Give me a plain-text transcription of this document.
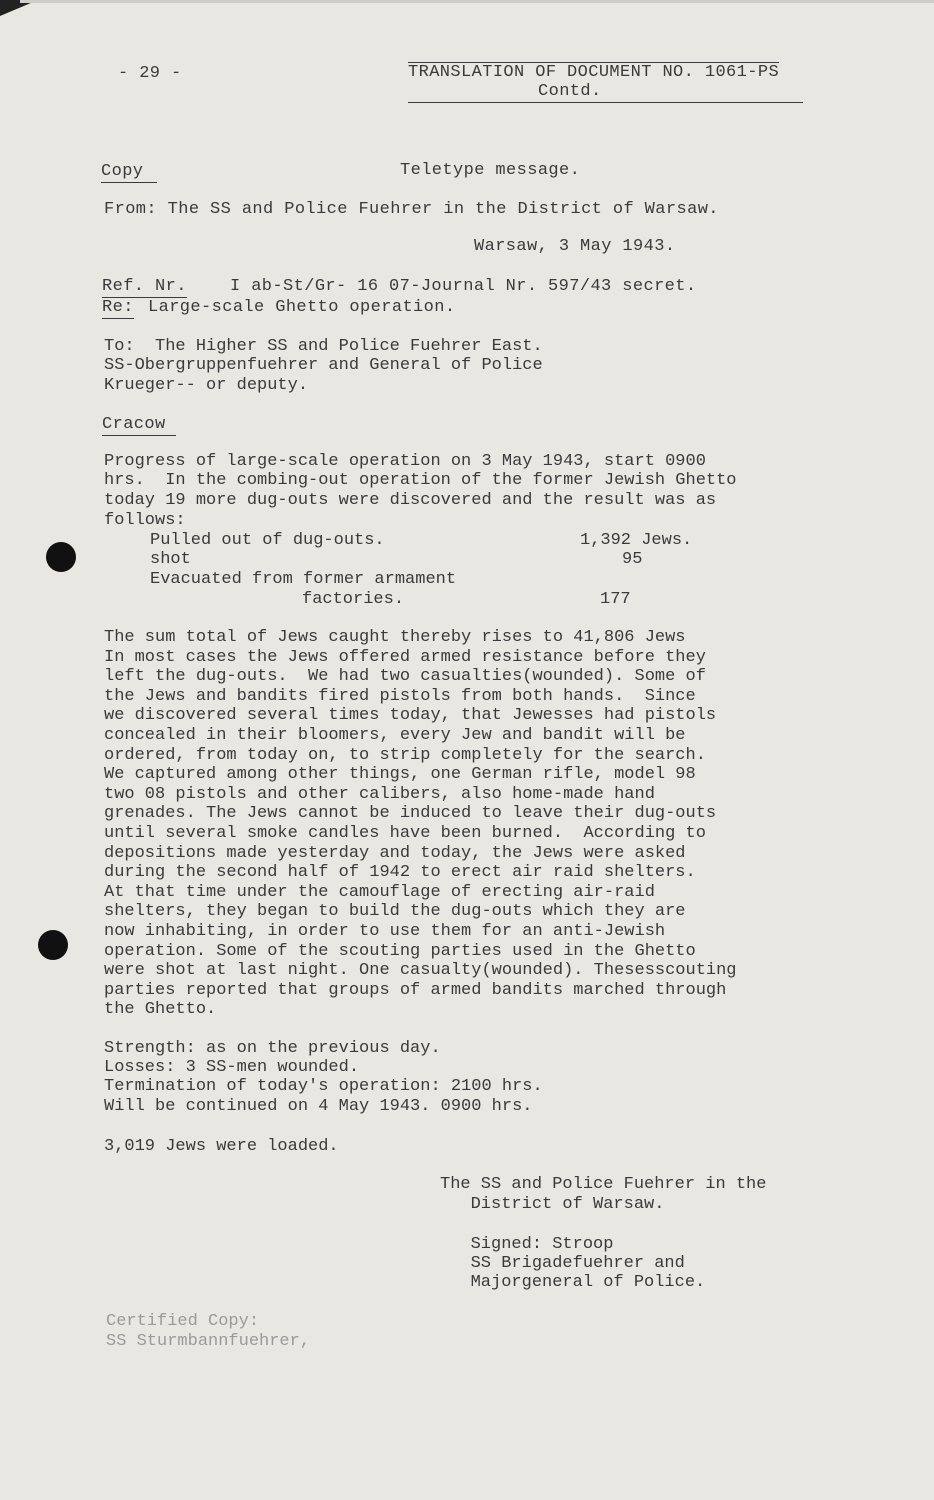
- 29 -	TRANSLATION OF DOCUMENT NO. 1061-PS
Contd.
Copy	Teletype message.
From: The SS and Police Fuehrer in the District of Warsaw.
Warsaw, 3 May 1943.
Ref. Nr.	I ab-St/Gr- 16 07-Journal Nr. 597/43 secret.
Re: Large-scale Ghetto operation.
To:  The Higher SS and Police Fuehrer East.
SS-Obergruppenfuehrer and General of Police
Krueger-- or deputy.
Cracow
Progress of large-scale operation on 3 May 1943, start 0900
hrs.  In the combing-out operation of the former Jewish Ghetto
today 19 more dug-outs were discovered and the result was as
follows:
Pulled out of dug-outs.	1,392 Jews.
shot	95
Evacuated from former armament
factories.	177
The sum total of Jews caught thereby rises to 41,806 Jews
In most cases the Jews offered armed resistance before they
left the dug-outs.  We had two casualties(wounded). Some of
the Jews and bandits fired pistols from both hands.  Since
we discovered several times today, that Jewesses had pistols
concealed in their bloomers, every Jew and bandit will be
ordered, from today on, to strip completely for the search.
We captured among other things, one German rifle, model 98
two 08 pistols and other calibers, also home-made hand
grenades. The Jews cannot be induced to leave their dug-outs
until several smoke candles have been burned.  According to
depositions made yesterday and today, the Jews were asked
during the second half of 1942 to erect air raid shelters.
At that time under the camouflage of erecting air-raid
shelters, they began to build the dug-outs which they are
now inhabiting, in order to use them for an anti-Jewish
operation. Some of the scouting parties used in the Ghetto
were shot at last night. One casualty(wounded). Thesesscouting
parties reported that groups of armed bandits marched through
the Ghetto.
Strength: as on the previous day.
Losses: 3 SS-men wounded.
Termination of today's operation: 2100 hrs.
Will be continued on 4 May 1943. 0900 hrs.
3,019 Jews were loaded.
The SS and Police Fuehrer in the
District of Warsaw.
Signed: Stroop
SS Brigadefuehrer and
Majorgeneral of Police.
Certified Copy:
SS Sturmbannfuehrer,
